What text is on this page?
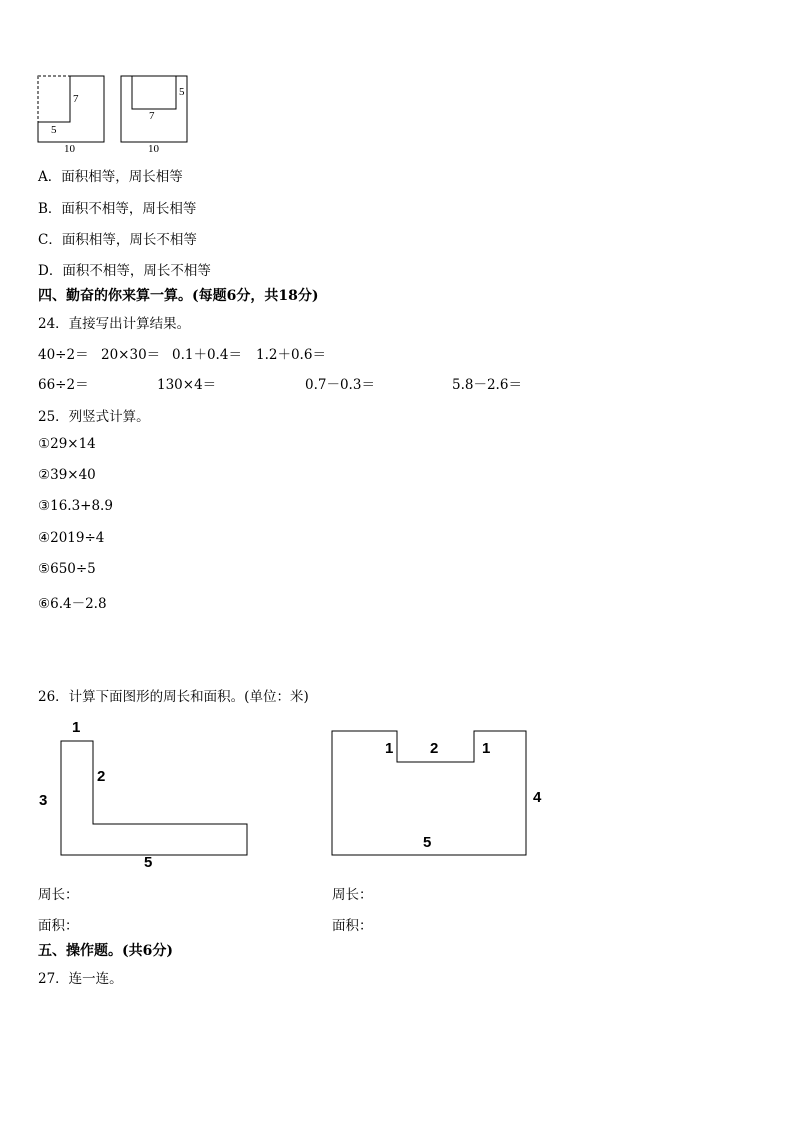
7
5
10
5
7
10
A．面积相等，周长相等
B．面积不相等，周长相等
C．面积相等，周长不相等
D．面积不相等，周长不相等
四、勤奋的你来算一算。(每题6分，共18分)
24．直接写出计算结果。
40÷2＝ 20×30＝ 0.1＋0.4＝ 1.2＋0.6＝
66÷2＝	130×4＝	0.7－0.3＝	5.8－2.6＝
25．列竖式计算。
①29×14
②39×40
③16.3+8.9
④2019÷4
⑤650÷5
⑥6.4－2.8
26．计算下面图形的周长和面积。(单位：米)
1
2
3
5
1 2	1
4
5
周长：	周长：
面积：	面积：
五、操作题。(共6分)
27．连一连。
